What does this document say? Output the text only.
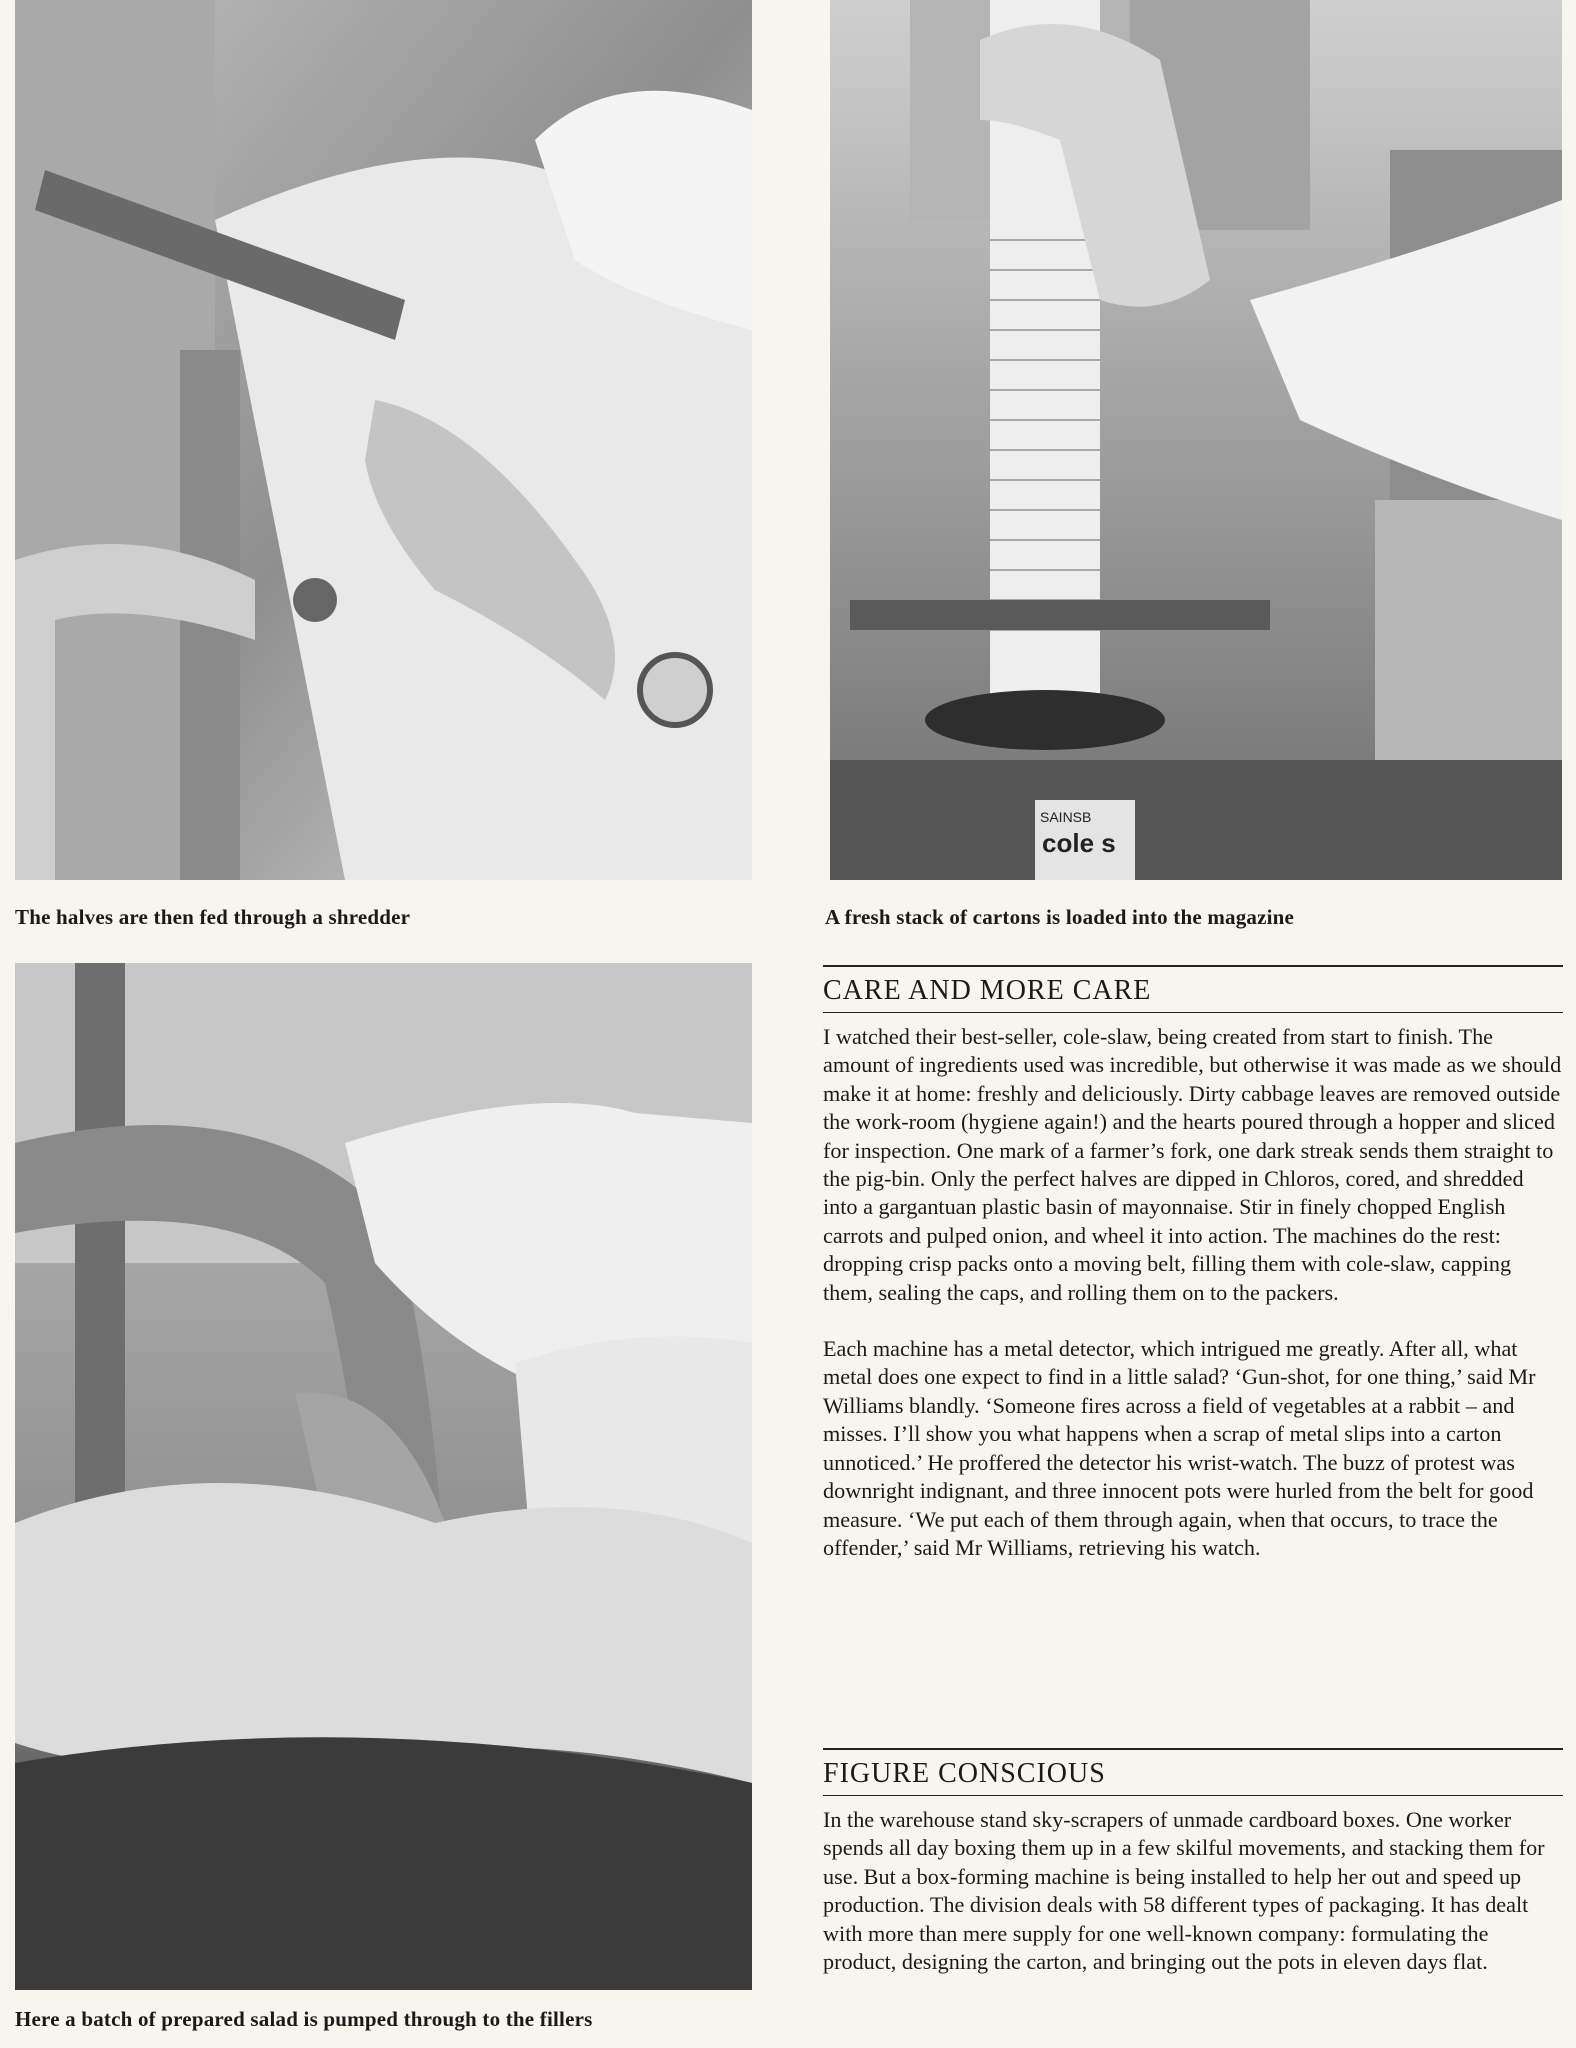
The halves are then fed through a shredder
SAINSB
cole s
A fresh stack of cartons is loaded into the magazine
Here a batch of prepared salad is pumped through to the fillers
CARE AND MORE CARE

I watched their best-seller, cole-slaw, being created from start to finish. The amount of ingredients used was incredible, but otherwise it was made as we should make it at home: freshly and deliciously. Dirty cabbage leaves are removed outside the work-room (hygiene again!) and the hearts poured through a hopper and sliced for inspection. One mark of a farmer’s fork, one dark streak sends them straight to the pig-bin. Only the perfect halves are dipped in Chloros, cored, and shredded into a gargantuan plastic basin of mayonnaise. Stir in finely chopped English carrots and pulped onion, and wheel it into action. The machines do the rest: dropping crisp packs onto a moving belt, filling them with cole-slaw, capping them, sealing the caps, and rolling them on to the packers.

Each machine has a metal detector, which intrigued me greatly. After all, what metal does one expect to find in a little salad? ‘Gun-shot, for one thing,’ said Mr Williams blandly. ‘Someone fires across a field of vegetables at a rabbit – and misses. I’ll show you what happens when a scrap of metal slips into a carton unnoticed.’ He proffered the detector his wrist-watch. The buzz of protest was downright indignant, and three innocent pots were hurled from the belt for good measure. ‘We put each of them through again, when that occurs, to trace the offender,’ said Mr Williams, retrieving his watch.

FIGURE CONSCIOUS

In the warehouse stand sky-scrapers of unmade cardboard boxes. One worker spends all day boxing them up in a few skilful movements, and stacking them for use. But a box-forming machine is being installed to help her out and speed up production. The division deals with 58 different types of packaging. It has dealt with more than mere supply for one well-known company: formulating the product, designing the carton, and bringing out the pots in eleven days flat.
